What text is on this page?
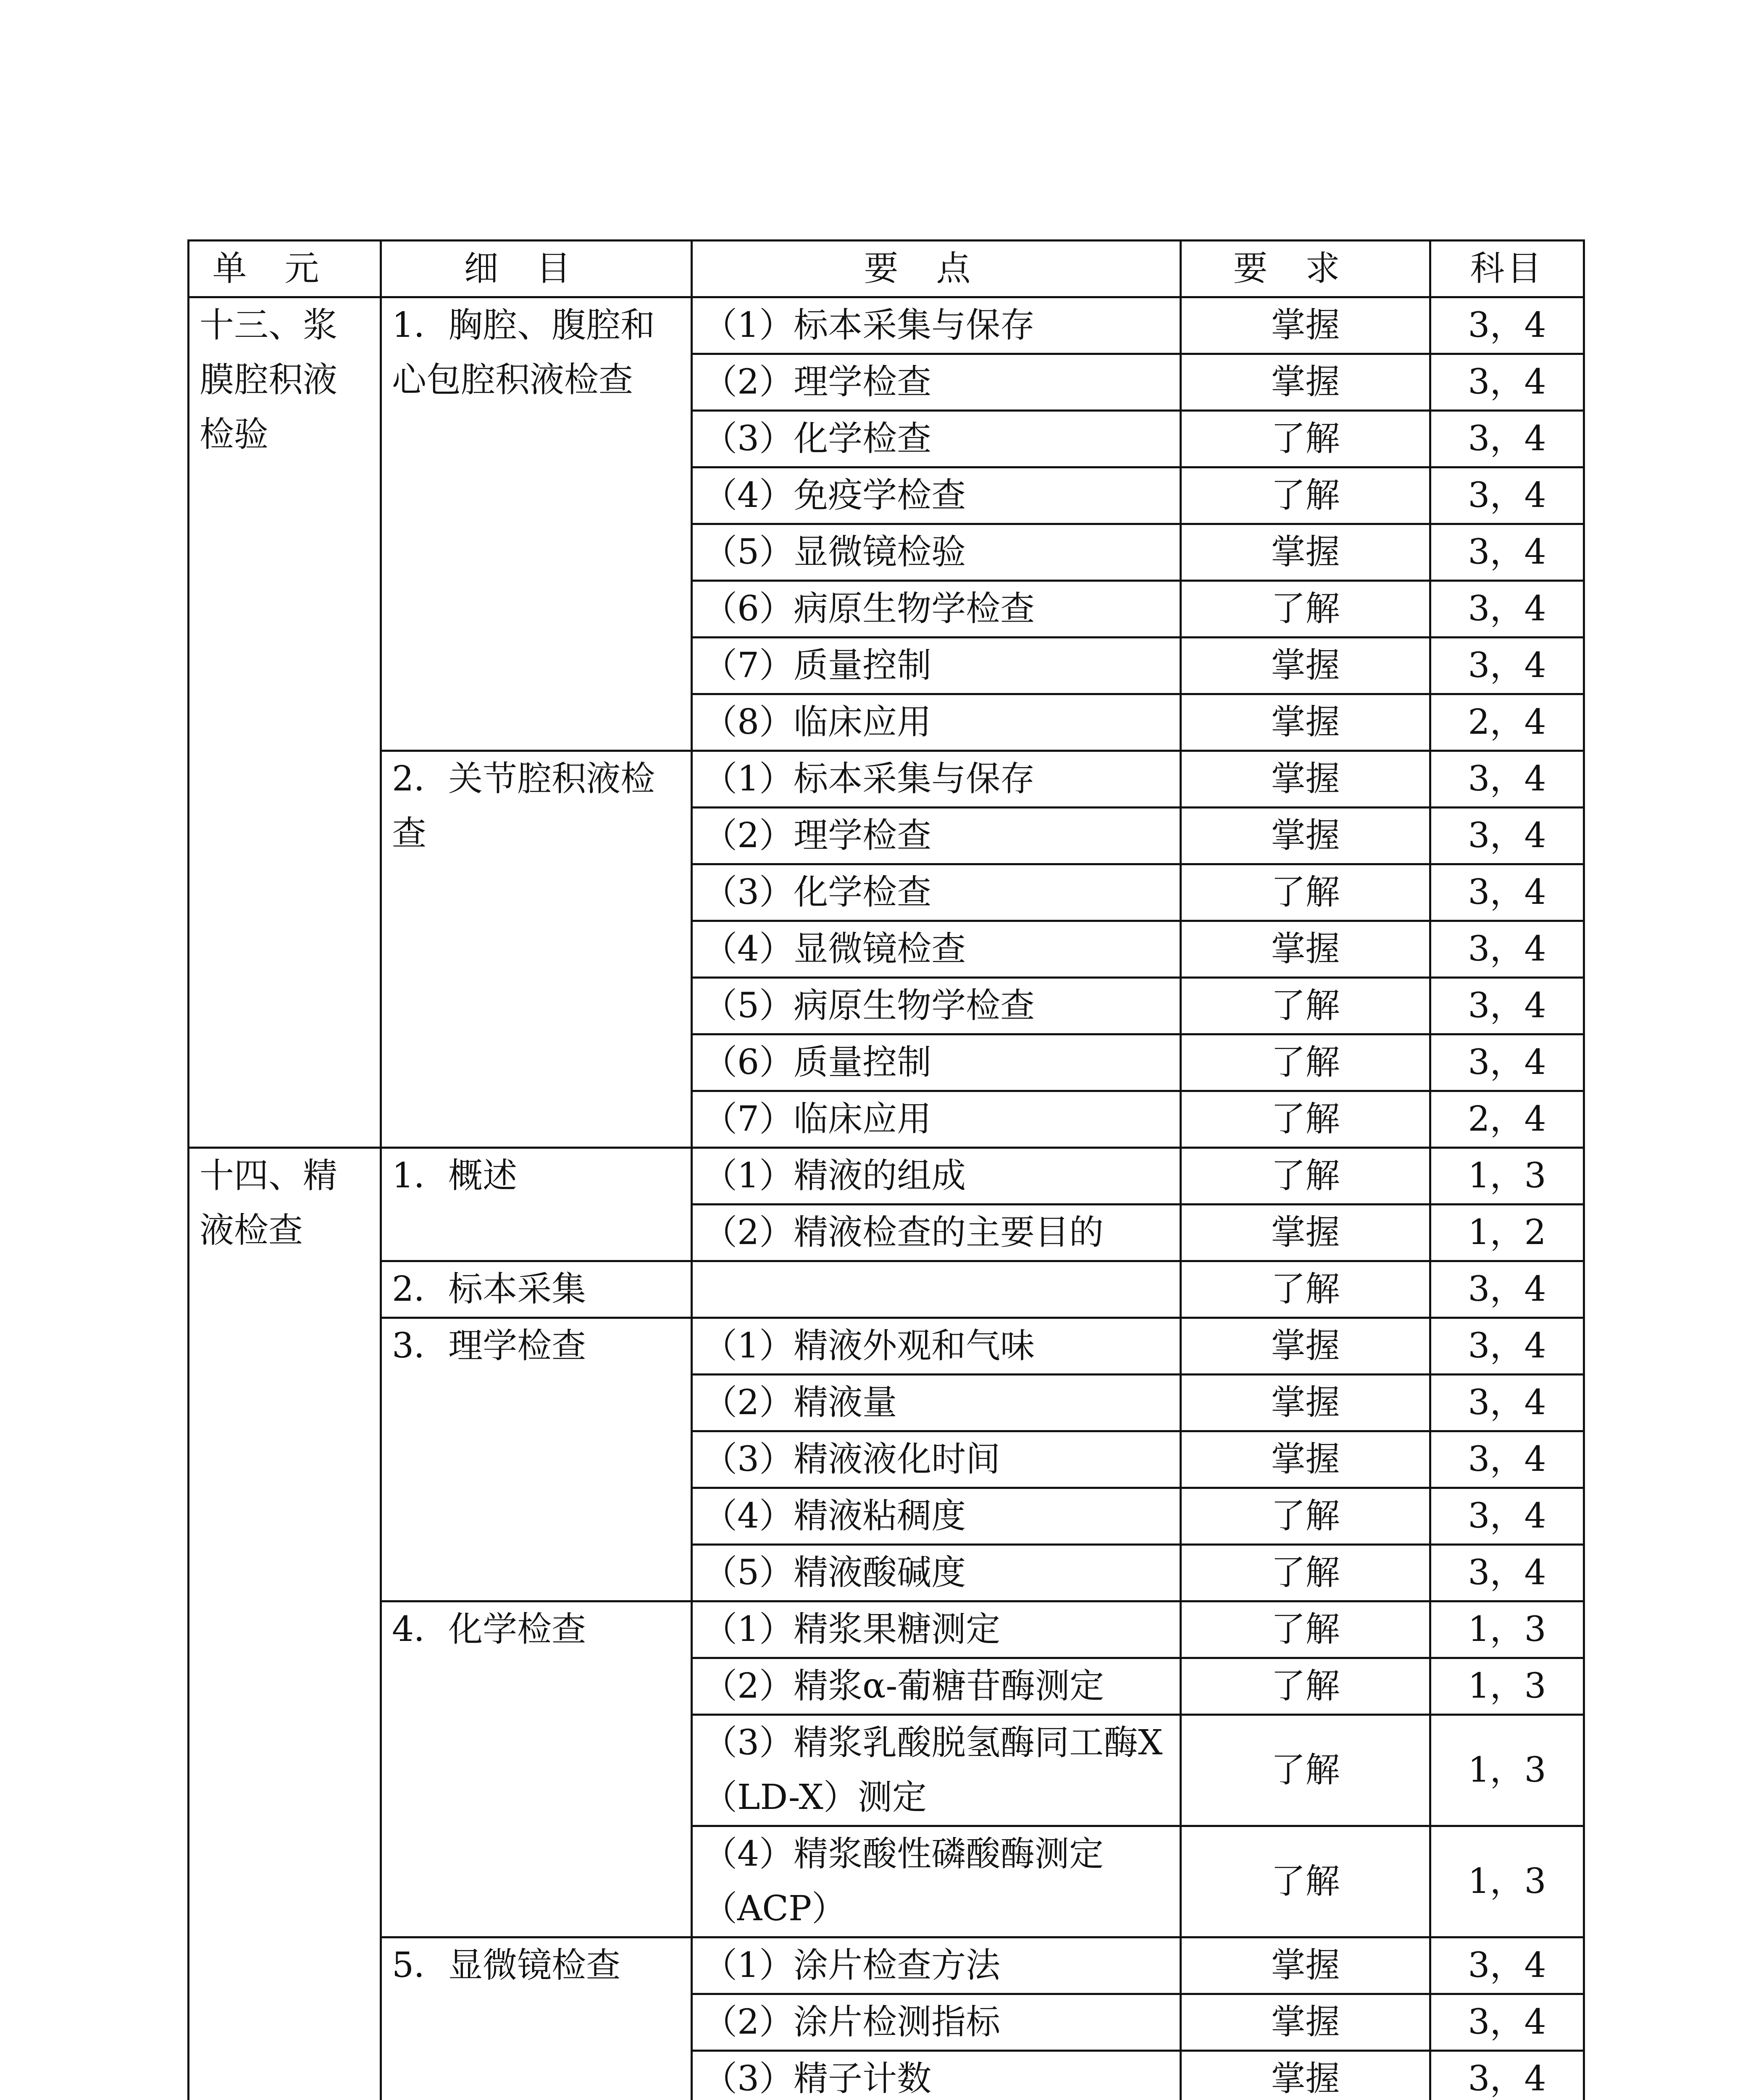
单元	细目	要点	要求	科目
十三、浆膜腔积液检验	1．胸腔、腹腔和心包腔积液检查	（1）标本采集与保存	掌握	3，4
		（2）理学检查	掌握	3，4
		（3）化学检查	了解	3，4
		（4）免疫学检查	了解	3，4
		（5）显微镜检验	掌握	3，4
		（6）病原生物学检查	了解	3，4
		（7）质量控制	掌握	3，4
		（8）临床应用	掌握	2，4
	2．关节腔积液检查	（1）标本采集与保存	掌握	3，4
		（2）理学检查	掌握	3，4
		（3）化学检查	了解	3，4
		（4）显微镜检查	掌握	3，4
		（5）病原生物学检查	了解	3，4
		（6）质量控制	了解	3，4
		（7）临床应用	了解	2，4
十四、精液检查	1．概述	（1）精液的组成	了解	1，3
		（2）精液检查的主要目的	掌握	1，2
	2．标本采集		了解	3，4
	3．理学检查	（1）精液外观和气味	掌握	3，4
		（2）精液量	掌握	3，4
		（3）精液液化时间	掌握	3，4
		（4）精液粘稠度	了解	3，4
		（5）精液酸碱度	了解	3，4
	4．化学检查	（1）精浆果糖测定	了解	1，3
		（2）精浆α-葡糖苷酶测定	了解	1，3
		（3）精浆乳酸脱氢酶同工酶X（LD-X）测定	了解	1，3
		（4）精浆酸性磷酸酶测定（ACP）	了解	1，3
	5．显微镜检查	（1）涂片检查方法	掌握	3，4
		（2）涂片检测指标	掌握	3，4
		（3）精子计数	掌握	3，4
